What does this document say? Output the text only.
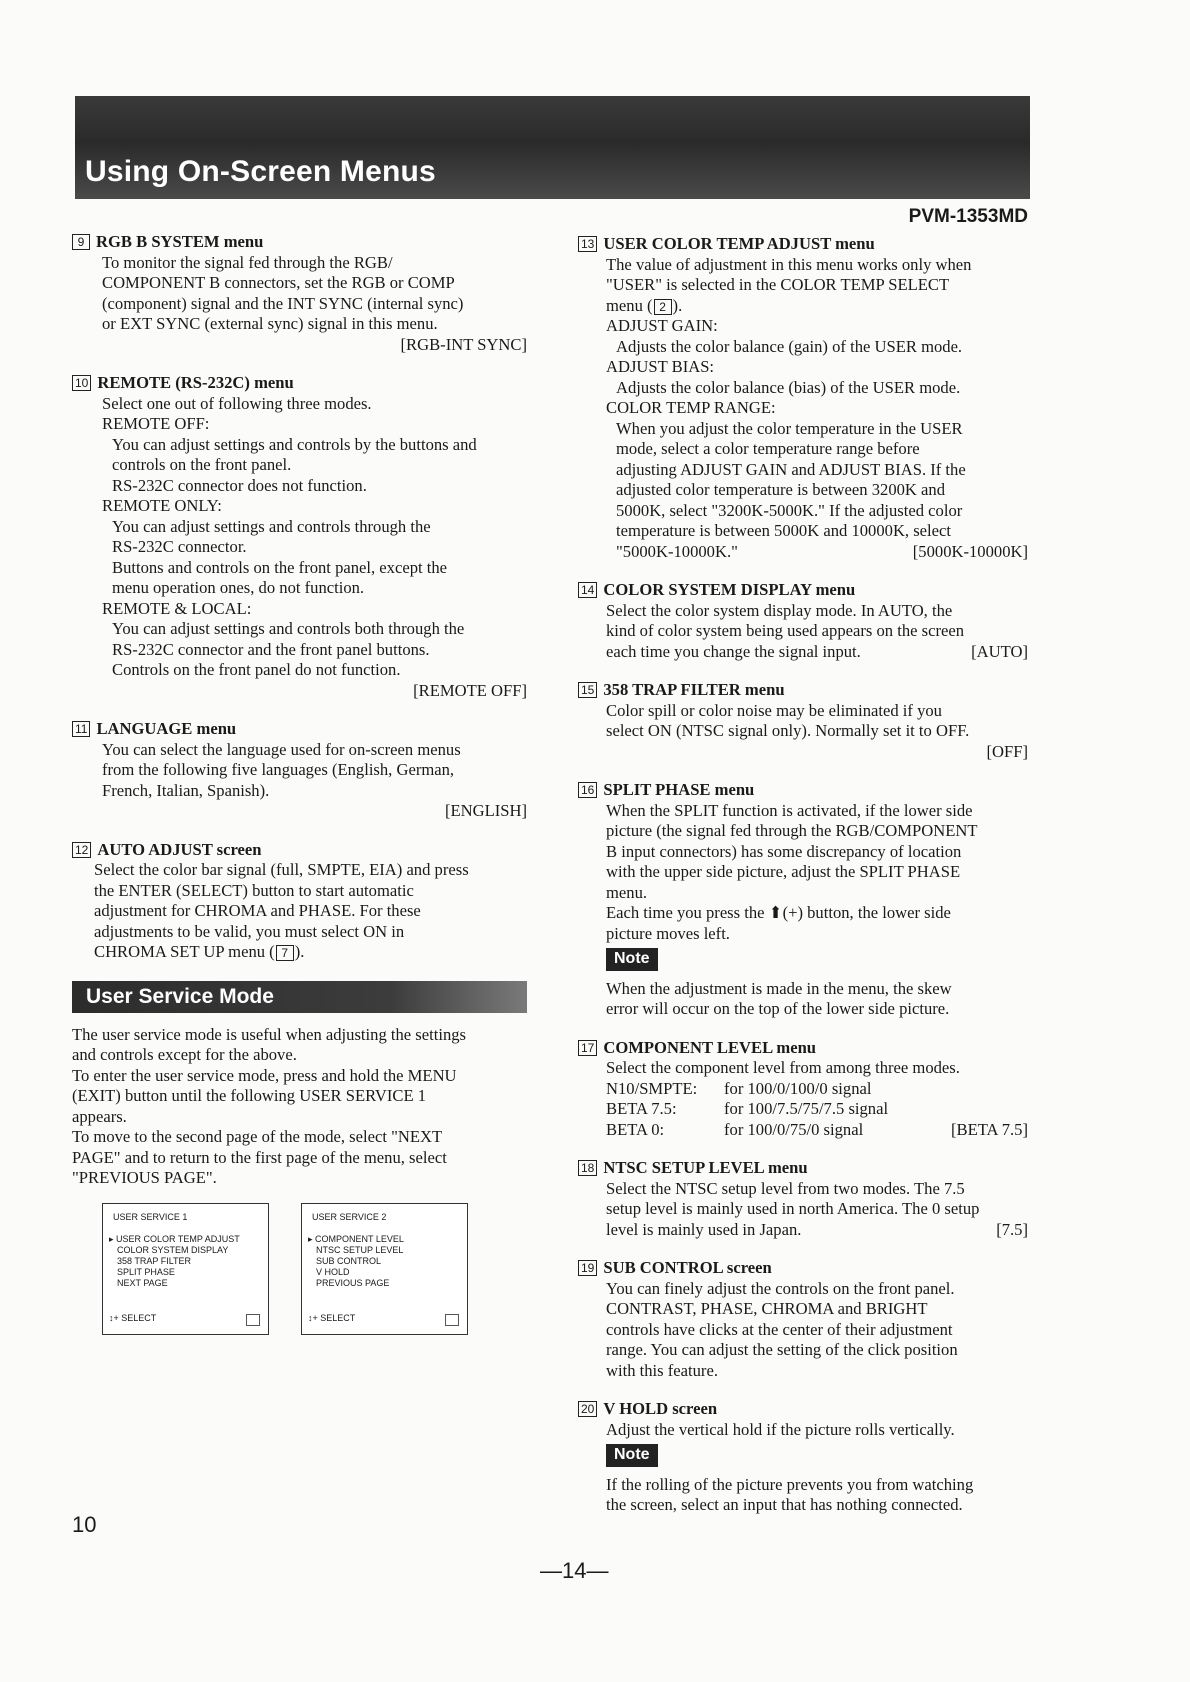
Using On-Screen Menus
PVM-1353MD
9 RGB B SYSTEM menu
To monitor the signal fed through the RGB/
COMPONENT B connectors, set the RGB or COMP
(component) signal and the INT SYNC (internal sync)
or EXT SYNC (external sync) signal in this menu.
[RGB-INT SYNC]
10 REMOTE (RS-232C) menu
Select one out of following three modes.
REMOTE OFF:
You can adjust settings and controls by the buttons and
controls on the front panel.
RS-232C connector does not function.
REMOTE ONLY:
You can adjust settings and controls through the
RS-232C connector.
Buttons and controls on the front panel, except the
menu operation ones, do not function.
REMOTE & LOCAL:
You can adjust settings and controls both through the
RS-232C connector and the front panel buttons.
Controls on the front panel do not function.
[REMOTE OFF]
11 LANGUAGE menu
You can select the language used for on-screen menus
from the following five languages (English, German,
French, Italian, Spanish).
[ENGLISH]
12 AUTO ADJUST screen
Select the color bar signal (full, SMPTE, EIA) and press
the ENTER (SELECT) button to start automatic
adjustment for CHROMA and PHASE. For these
adjustments to be valid, you must select ON in
CHROMA SET UP menu ( 7 ).
User Service Mode
The user service mode is useful when adjusting the settings
and controls except for the above.
To enter the user service mode, press and hold the MENU
(EXIT) button until the following USER SERVICE 1
appears.
To move to the second page of the mode, select "NEXT
PAGE" and to return to the first page of the menu, select
"PREVIOUS PAGE".
USER SERVICE 1
▸ USER COLOR TEMP ADJUST
COLOR SYSTEM DISPLAY
358 TRAP FILTER
SPLIT PHASE
NEXT PAGE
↕+ SELECT
USER SERVICE 2
▸ COMPONENT LEVEL
NTSC SETUP LEVEL
SUB CONTROL
V HOLD
PREVIOUS PAGE
↕+ SELECT
13 USER COLOR TEMP ADJUST menu
The value of adjustment in this menu works only when
"USER" is selected in the COLOR TEMP SELECT
menu ( 2 ).
ADJUST GAIN:
Adjusts the color balance (gain) of the USER mode.
ADJUST BIAS:
Adjusts the color balance (bias) of the USER mode.
COLOR TEMP RANGE:
When you adjust the color temperature in the USER
mode, select a color temperature range before
adjusting ADJUST GAIN and ADJUST BIAS. If the
adjusted color temperature is between 3200K and
5000K, select "3200K-5000K." If the adjusted color
temperature is between 5000K and 10000K, select
"5000K-10000K."	[5000K-10000K]
14 COLOR SYSTEM DISPLAY menu
Select the color system display mode. In AUTO, the
kind of color system being used appears on the screen
each time you change the signal input.	[AUTO]
15 358 TRAP FILTER menu
Color spill or color noise may be eliminated if you
select ON (NTSC signal only). Normally set it to OFF.
[OFF]
16 SPLIT PHASE menu
When the SPLIT function is activated, if the lower side
picture (the signal fed through the RGB/COMPONENT
B input connectors) has some discrepancy of location
with the upper side picture, adjust the SPLIT PHASE
menu.
Each time you press the ⬆(+) button, the lower side
picture moves left.
Note
When the adjustment is made in the menu, the skew
error will occur on the top of the lower side picture.
17 COMPONENT LEVEL menu
Select the component level from among three modes.
N10/SMPTE:	for 100/0/100/0 signal	
BETA 7.5:	for 100/7.5/75/7.5 signal	
BETA 0:	for 100/0/75/0 signal	[BETA 7.5]
18 NTSC SETUP LEVEL menu
Select the NTSC setup level from two modes. The 7.5
setup level is mainly used in north America. The 0 setup
level is mainly used in Japan.	[7.5]
19 SUB CONTROL screen
You can finely adjust the controls on the front panel.
CONTRAST, PHASE, CHROMA and BRIGHT
controls have clicks at the center of their adjustment
range. You can adjust the setting of the click position
with this feature.
20 V HOLD screen
Adjust the vertical hold if the picture rolls vertically.
Note
If the rolling of the picture prevents you from watching
the screen, select an input that has nothing connected.
10
—14—
